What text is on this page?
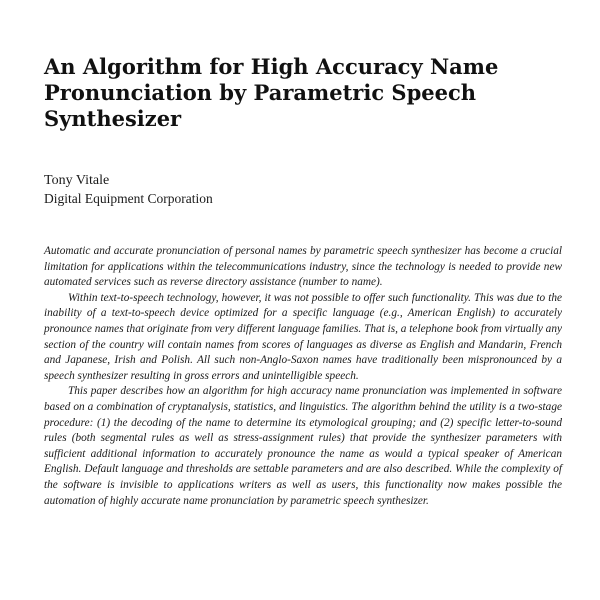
An Algorithm for High Accuracy Name
Pronunciation by Parametric Speech
Synthesizer

Tony Vitale

Digital Equipment Corporation

Automatic and accurate pronunciation of personal names by parametric speech synthesizer has become a crucial limitation for applications within the telecommunications industry, since the technology is needed to provide new automated services such as reverse directory assistance (number to name).

Within text-to-speech technology, however, it was not possible to offer such functionality. This was due to the inability of a text-to-speech device optimized for a specific language (e.g., American English) to accurately pronounce names that originate from very different language families. That is, a telephone book from virtually any section of the country will contain names from scores of languages as diverse as English and Mandarin, French and Japanese, Irish and Polish. All such non-Anglo-Saxon names have traditionally been mispronounced by a speech synthesizer resulting in gross errors and unintelligible speech.

This paper describes how an algorithm for high accuracy name pronunciation was implemented in software based on a combination of cryptanalysis, statistics, and linguistics. The algorithm behind the utility is a two-stage procedure: (1) the decoding of the name to determine its etymological grouping; and (2) specific letter-to-sound rules (both segmental rules as well as stress-assignment rules) that provide the synthesizer parameters with sufficient additional information to accurately pronounce the name as would a typical speaker of American English. Default language and thresholds are settable parameters and are also described. While the complexity of the software is invisible to applications writers as well as users, this functionality now makes possible the automation of highly accurate name pronunciation by parametric speech synthesizer.
